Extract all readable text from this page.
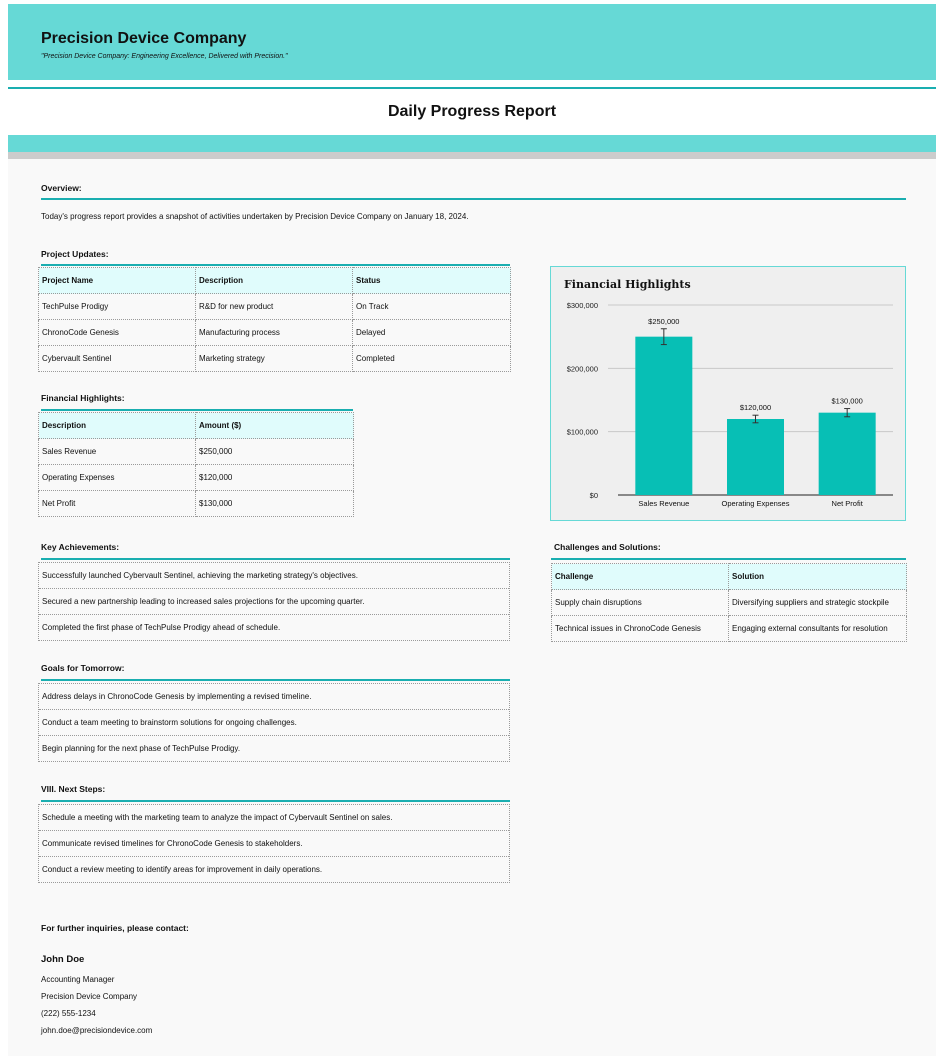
Precision Device Company
"Precision Device Company: Engineering Excellence, Delivered with Precision."
Daily Progress Report
Overview:
Today's progress report provides a snapshot of activities undertaken by Precision Device Company on January 18, 2024.
Project Updates:
Project Name	Description	Status
TechPulse Prodigy	R&D for new product	On Track
ChronoCode Genesis	Manufacturing process	Delayed
Cybervault Sentinel	Marketing strategy	Completed
Financial Highlights:
Description	Amount ($)
Sales Revenue	$250,000
Operating Expenses	$120,000
Net Profit	$130,000
Financial Highlights
$0
$100,000
$200,000
$300,000
$250,000
Sales Revenue
$120,000
Operating Expenses
$130,000
Net Profit
Key Achievements:
Successfully launched Cybervault Sentinel, achieving the marketing strategy's objectives.
Secured a new partnership leading to increased sales projections for the upcoming quarter.
Completed the first phase of TechPulse Prodigy ahead of schedule.
Challenges and Solutions:
Challenge	Solution
Supply chain disruptions	Diversifying suppliers and strategic stockpile
Technical issues in ChronoCode Genesis	Engaging external consultants for resolution
Goals for Tomorrow:
Address delays in ChronoCode Genesis by implementing a revised timeline.
Conduct a team meeting to brainstorm solutions for ongoing challenges.
Begin planning for the next phase of TechPulse Prodigy.
VIII. Next Steps:
Schedule a meeting with the marketing team to analyze the impact of Cybervault Sentinel on sales.
Communicate revised timelines for ChronoCode Genesis to stakeholders.
Conduct a review meeting to identify areas for improvement in daily operations.
For further inquiries, please contact:
John Doe
Accounting Manager
Precision Device Company
(222) 555-1234
john.doe@precisiondevice.com
